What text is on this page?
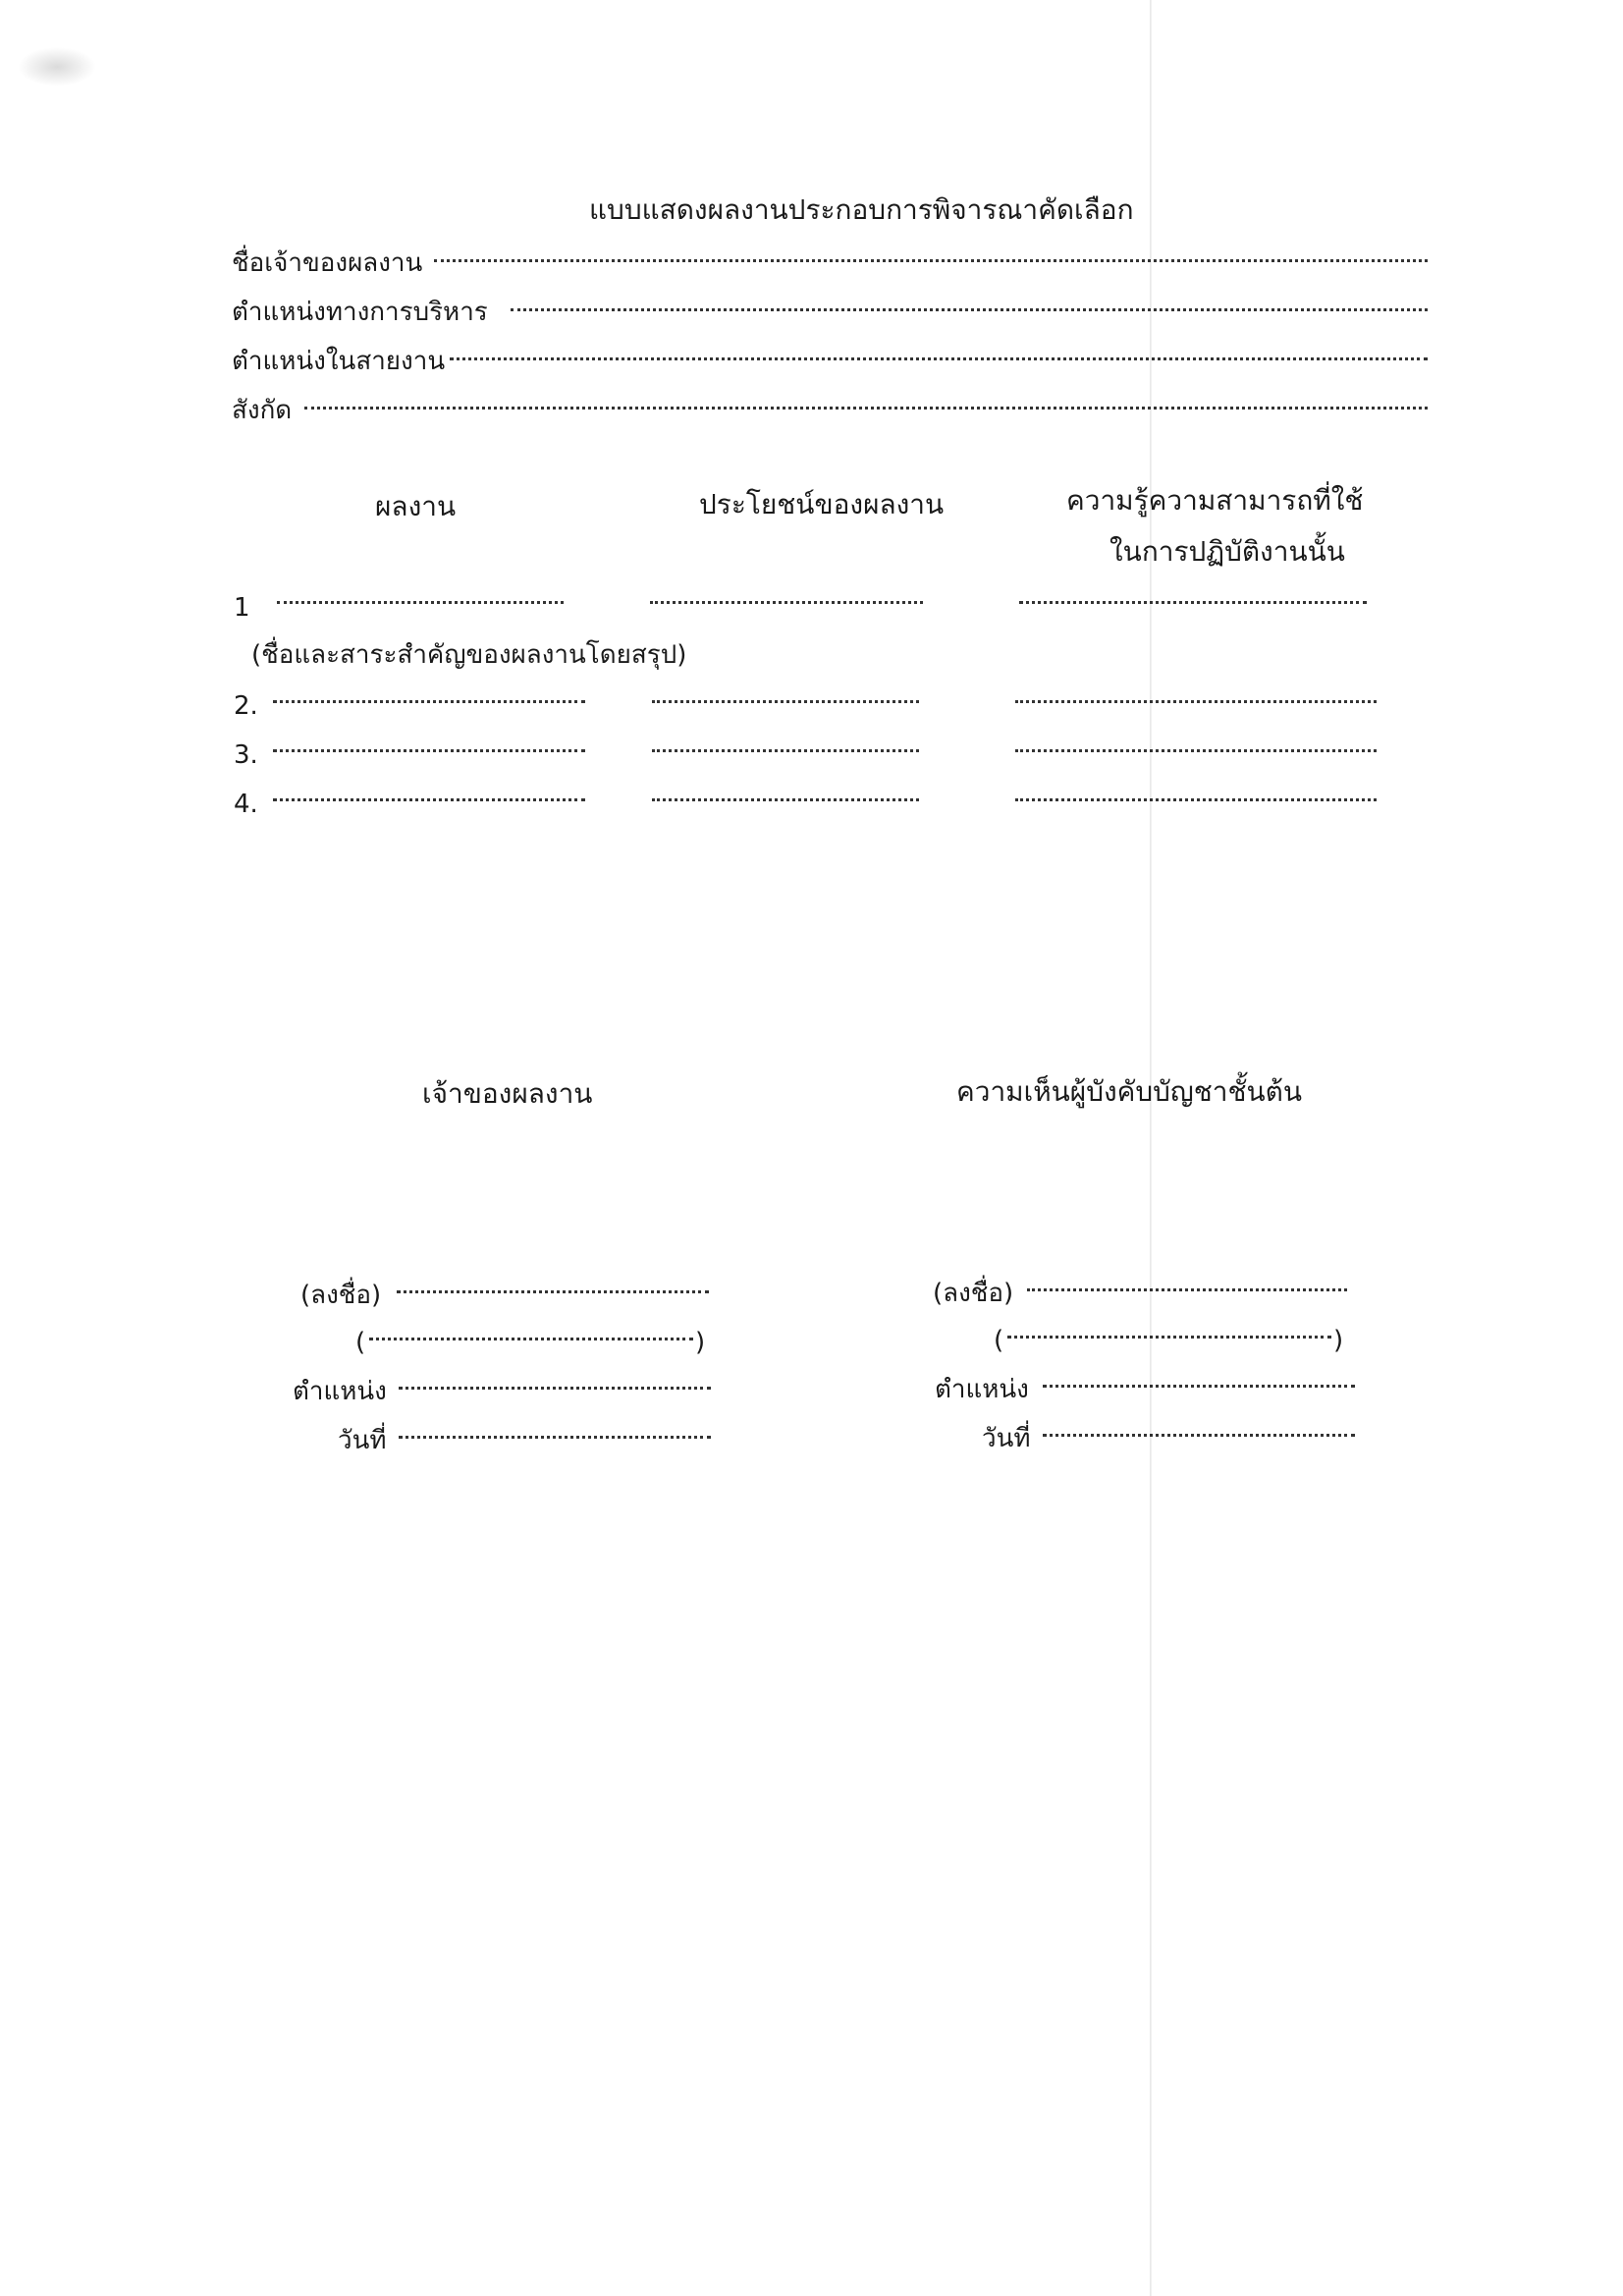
แบบแสดงผลงานประกอบการพิจารณาคัดเลือก
ชื่อเจ้าของผลงาน
ตำแหน่งทางการบริหาร
ตำแหน่งในสายงาน
สังกัด
ผลงาน	ประโยชน์ของผลงาน	ความรู้ความสามารถที่ใช้
ในการปฏิบัติงานนั้น
1
(ชื่อและสาระสำคัญของผลงานโดยสรุป)
2.
3.
4.
เจ้าของผลงาน	ความเห็นผู้บังคับบัญชาชั้นต้น
(ลงชื่อ)
(	)
ตำแหน่ง
วันที่
(ลงชื่อ)
(	)
ตำแหน่ง
วันที่
